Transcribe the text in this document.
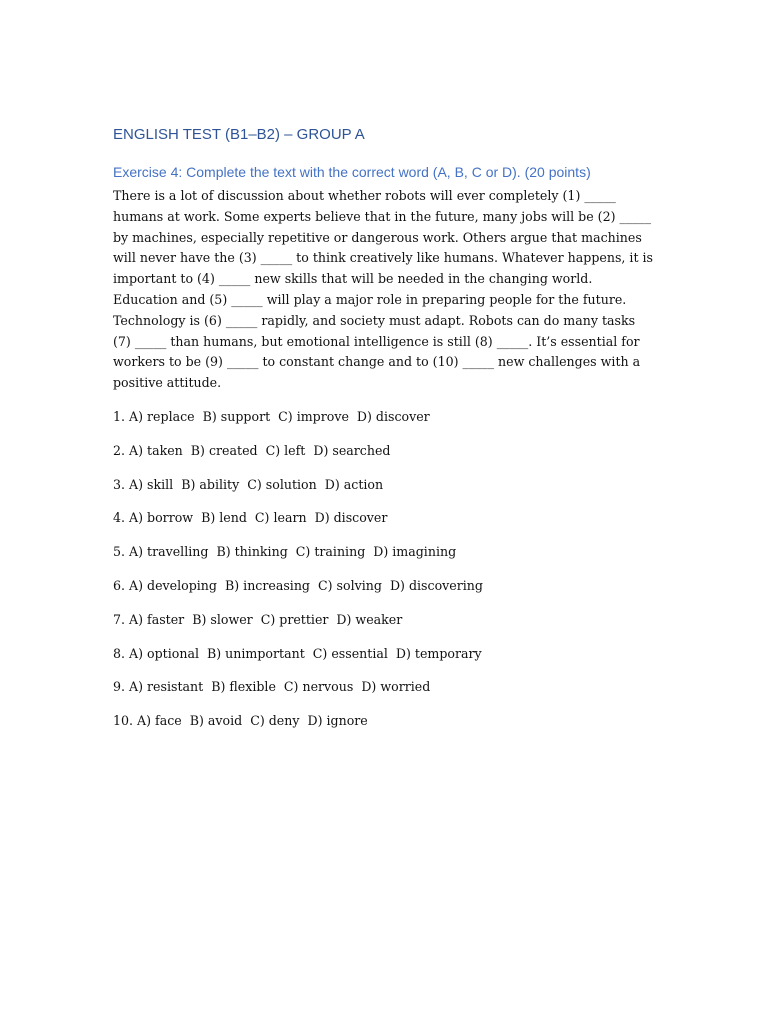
ENGLISH TEST (B1–B2) – GROUP A
Exercise 4: Complete the text with the correct word (A, B, C or D). (20 points)

There is a lot of discussion about whether robots will ever completely (1) _____
humans at work. Some experts believe that in the future, many jobs will be (2) _____
by machines, especially repetitive or dangerous work. Others argue that machines
will never have the (3) _____ to think creatively like humans. Whatever happens, it is
important to (4) _____ new skills that will be needed in the changing world.
Education and (5) _____ will play a major role in preparing people for the future.
Technology is (6) _____ rapidly, and society must adapt. Robots can do many tasks
(7) _____ than humans, but emotional intelligence is still (8) _____. It’s essential for
workers to be (9) _____ to constant change and to (10) _____ new challenges with a
positive attitude.

1. A) replace  B) support  C) improve  D) discover
2. A) taken  B) created  C) left  D) searched
3. A) skill  B) ability  C) solution  D) action
4. A) borrow  B) lend  C) learn  D) discover
5. A) travelling  B) thinking  C) training  D) imagining
6. A) developing  B) increasing  C) solving  D) discovering
7. A) faster  B) slower  C) prettier  D) weaker
8. A) optional  B) unimportant  C) essential  D) temporary
9. A) resistant  B) flexible  C) nervous  D) worried
10. A) face  B) avoid  C) deny  D) ignore
